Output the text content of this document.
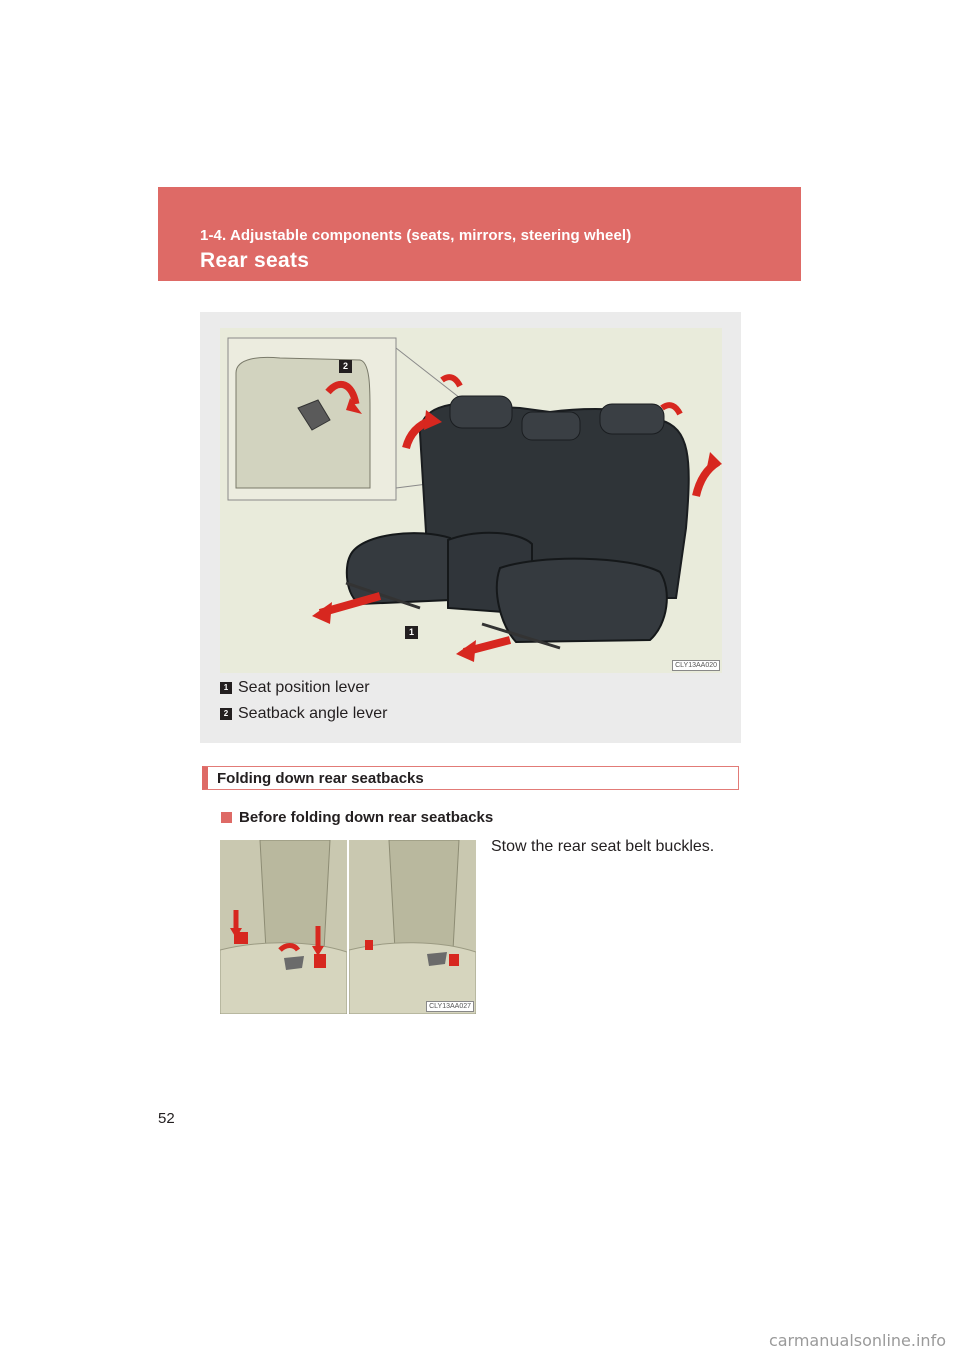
1-4. Adjustable components (seats, mirrors, steering wheel)
Rear seats
2
1
CLY13AA020
1 Seat position lever
2 Seatback angle lever
Folding down rear seatbacks
Before folding down rear seatbacks
Stow the rear seat belt buckles.
CLY13AA027
52
carmanualsonline.info
